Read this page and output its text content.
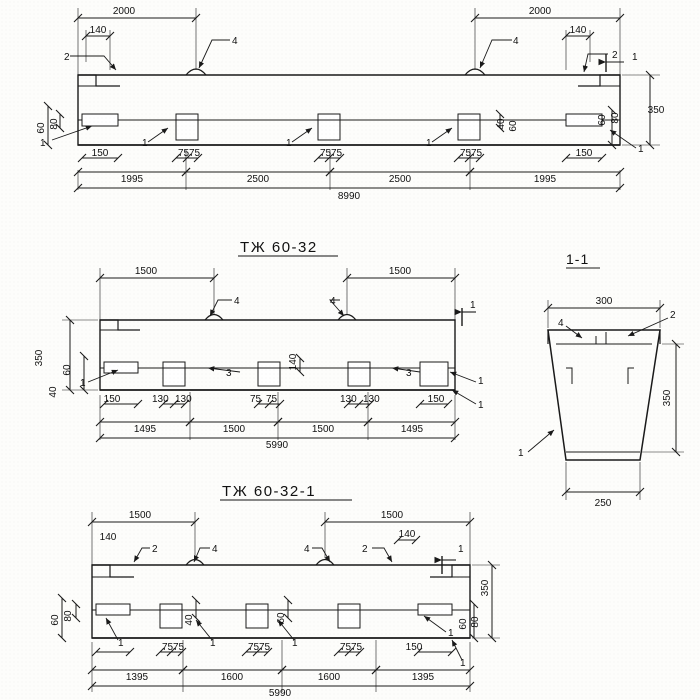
ТЖ 60-32
ТЖ 60-32-1
1-1
2000	2000
1995	2500	2500	1995
8990
350
140	140
150	150
60 80	60 80
40 60
75 75	75 75	75 75
2
4	4
2
1	1	1	1
1
1
1500	1500
1495	1500	1500	1495
5990
350	140
150	150
40
60
130 130	130 130
75 75
4	4	1
1
3	3
1
1
300
250
350
4
2
1
1500	1500
1395	1600	1600	1395
5990
350
140	140
150
60 80
60 80
40	60
75 75	75 75	75 75
2	4	4	2
1	1	1
1
1
1
